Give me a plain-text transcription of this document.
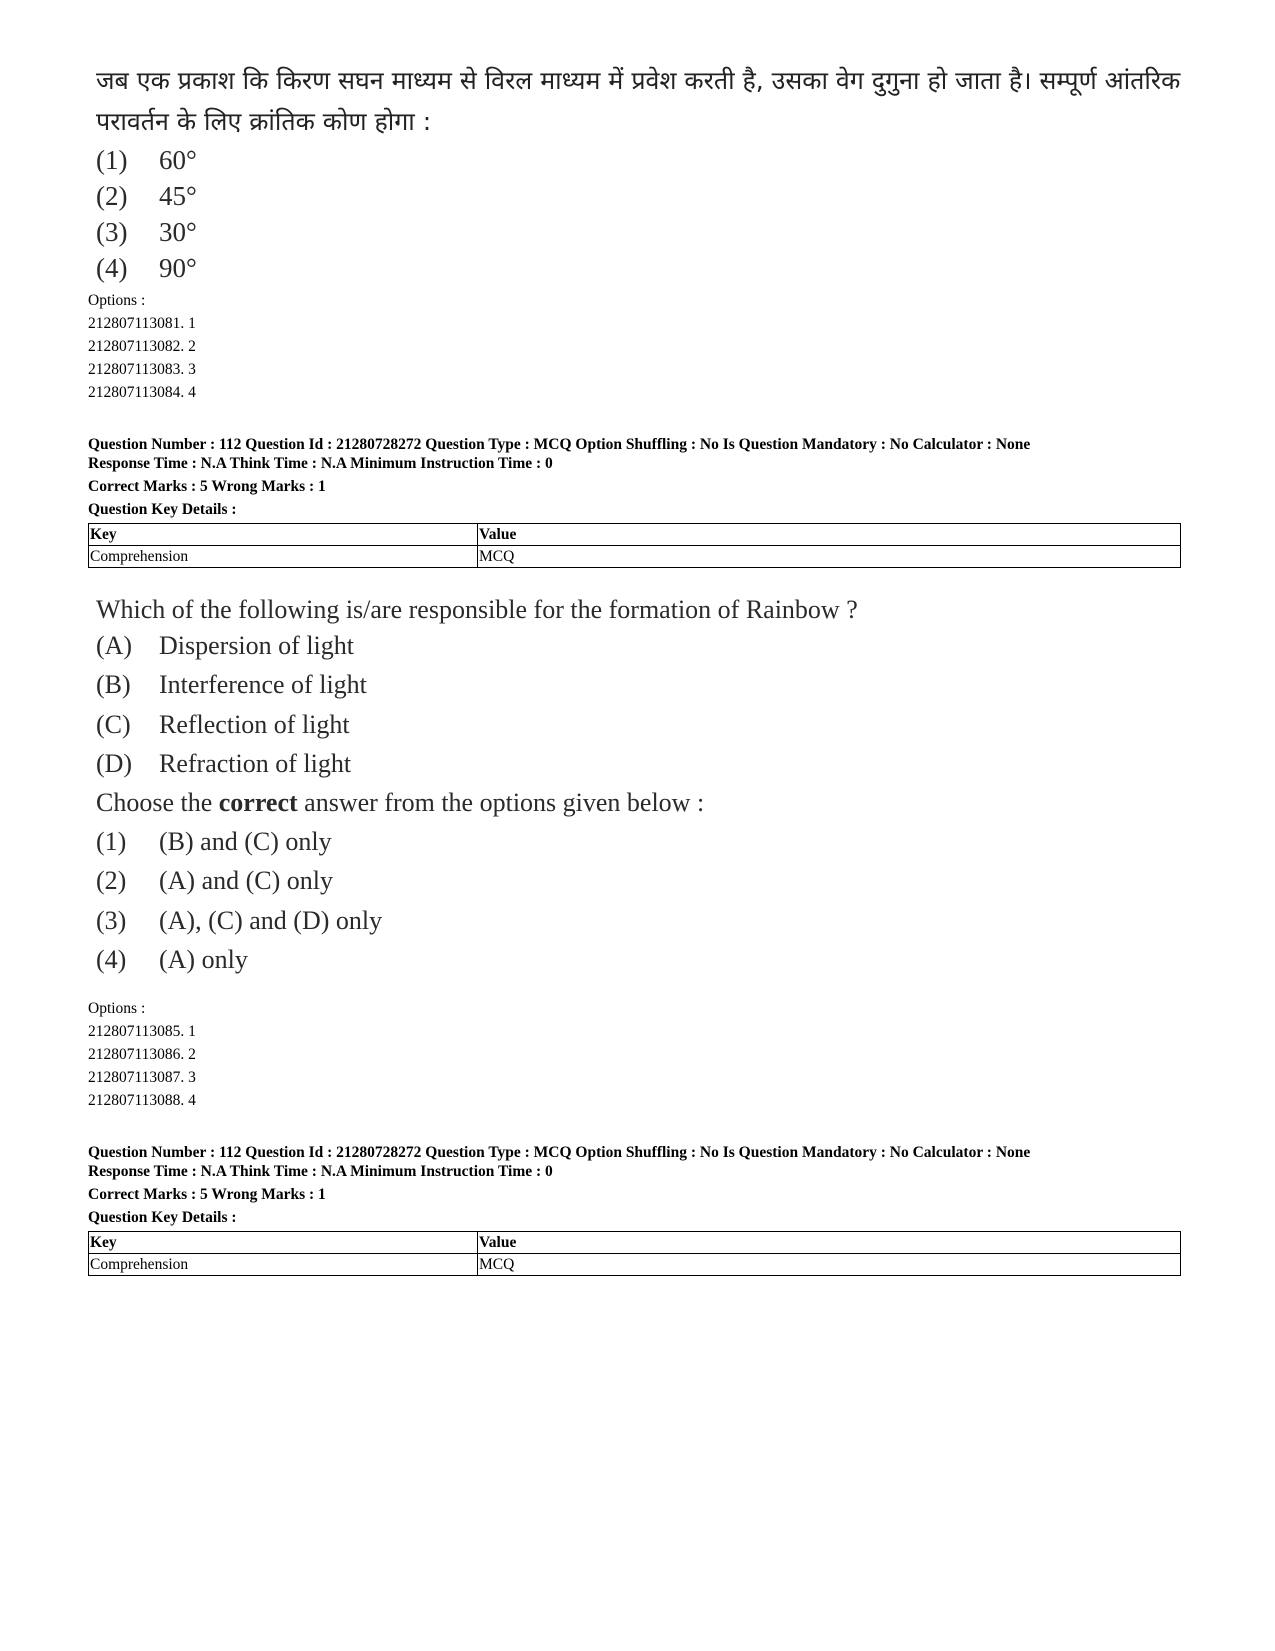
जब एक प्रकाश कि किरण सघन माध्यम से विरल माध्यम में प्रवेश करती है, उसका वेग दुगुना हो जाता है। सम्पूर्ण आंतरिक परावर्तन के लिए क्रांतिक कोण होगा :
(1) 60°
(2) 45°
(3) 30°
(4) 90°
Options :
212807113081. 1
212807113082. 2
212807113083. 3
212807113084. 4
Question Number : 112 Question Id : 21280728272 Question Type : MCQ Option Shuffling : No Is Question Mandatory : No Calculator : None
Response Time : N.A Think Time : N.A Minimum Instruction Time : 0
Correct Marks : 5 Wrong Marks : 1
Question Key Details :
Key	Value
Comprehension	MCQ
Which of the following is/are responsible for the formation of Rainbow ?
(A) Dispersion of light
(B) Interference of light
(C) Reflection of light
(D) Refraction of light
Choose the correct answer from the options given below :
(1) (B) and (C) only
(2) (A) and (C) only
(3) (A), (C) and (D) only
(4) (A) only
Options :
212807113085. 1
212807113086. 2
212807113087. 3
212807113088. 4
Question Number : 112 Question Id : 21280728272 Question Type : MCQ Option Shuffling : No Is Question Mandatory : No Calculator : None
Response Time : N.A Think Time : N.A Minimum Instruction Time : 0
Correct Marks : 5 Wrong Marks : 1
Question Key Details :
Key	Value
Comprehension	MCQ
